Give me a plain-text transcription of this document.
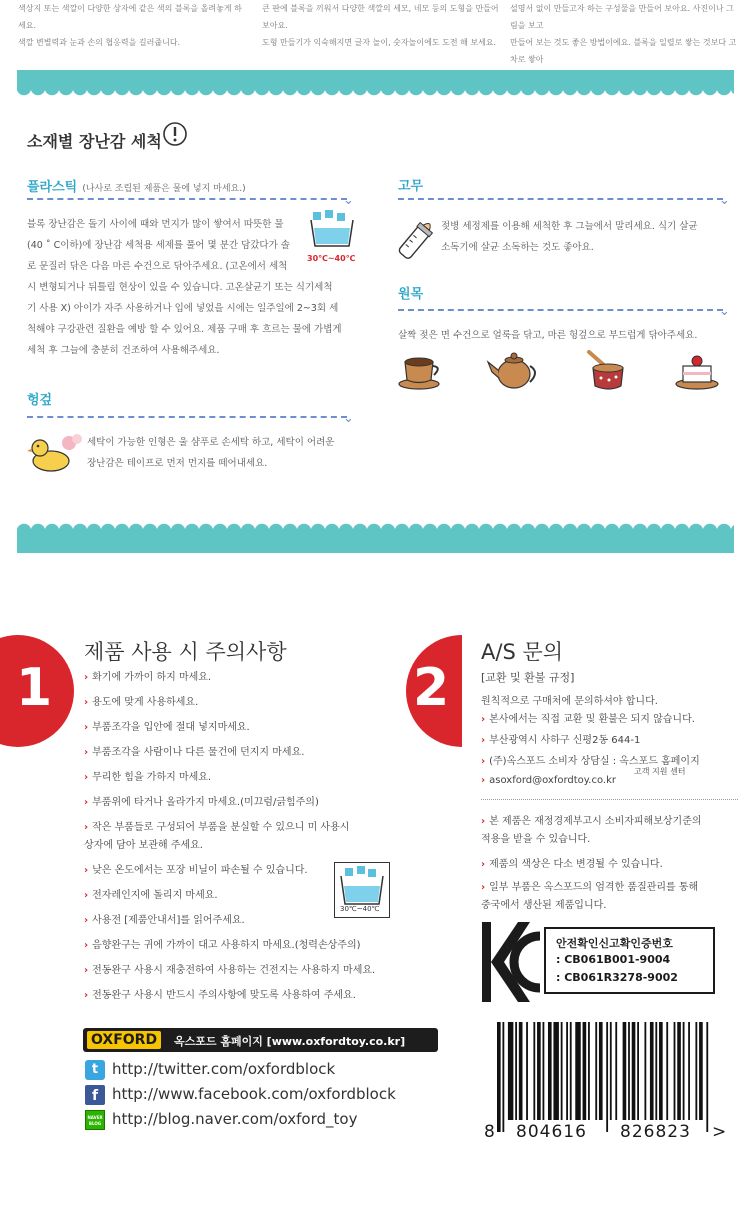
색상지 또는 색깔이 다양한 상자에 같은 색의 블록을 올려놓게 하세요.
색깔 변별력과 눈과 손의 협응력을 길러줍니다.
큰 판에 블록을 끼워서 다양한 색깔의 세모, 네모 등의 도형을 만들어 보아요.
도형 만들기가 익숙해지면 글자 놀이, 숫자놀이에도 도전 해 보세요.
설명서 없이 만들고자 하는 구성물을 만들어 보아요. 사진이나 그림을 보고
만들어 보는 것도 좋은 방법이에요. 블록을 일렬로 쌓는 것보다 고차로 쌓아

소재별 장난감 세척
플라스틱 (나사로 조립된 제품은 물에 넣지 마세요.)
⌄
블록 장난감은 돌기 사이에 때와 먼지가 많이 쌓여서 따뜻한 물
(40 ˚ C이하)에 장난감 세척용 세제를 풀어 몇 분간 담갔다가 솔
로 문질러 닦은 다음 마른 수건으로 닦아주세요. (고온에서 세척
시 변형되거나 뒤틀림 현상이 있을 수 있습니다. 고온살균기 또는 식기세척
기 사용 X) 아이가 자주 사용하거나 입에 넣었을 시에는 일주일에 2~3회 세
척해야 구강관련 질환을 예방 할 수 있어요. 제품 구매 후 흐르는 물에 가볍게
세척 후 그늘에 충분히 건조하여 사용해주세요.
30℃~40℃
헝겊
⌄
세탁이 가능한 인형은 울 샴푸로 손세탁 하고, 세탁이 어려운
장난감은 테이프로 먼저 먼지를 떼어내세요.
고무
⌄
젖병 세정제를 이용해 세척한 후 그늘에서 말리세요. 식기 살균
소독기에 살균 소독하는 것도 좋아요.
원목
⌄
살짝 젖은 면 수건으로 얼룩을 닦고, 마른 헝겊으로 부드럽게 닦아주세요.
1
제품 사용 시 주의사항
› 화기에 가까이 하지 마세요.
› 용도에 맞게 사용하세요.
› 부품조각을 입안에 절대 넣지마세요.
› 부품조각을 사람이나 다른 물건에 던지지 마세요.
› 무리한 힘을 가하지 마세요.
› 부품위에 타거나 올라가지 마세요.(미끄럼/긁힘주의)
› 작은 부품들로 구성되어 부품을 분실할 수 있으니 미 사용시
상자에 담아 보관해 주세요.
› 낮은 온도에서는 포장 비닐이 파손될 수 있습니다.
› 전자레인지에 돌리지 마세요.
› 사용전 [제품안내서]를 읽어주세요.
› 음향완구는 귀에 가까이 대고 사용하지 마세요.(청력손상주의)
› 전동완구 사용시 재충전하여 사용하는 건전지는 사용하지 마세요.
› 전동완구 사용시 반드시 주의사항에 맞도록 사용하여 주세요.
30℃~40℃
OXFORD	옥스포드 홈페이지 [www.oxfordtoy.co.kr]
t http://twitter.com/oxfordblock
f http://www.facebook.com/oxfordblock
NAVER BLOG http://blog.naver.com/oxford_toy
2
A/S 문의
[교환 및 환불 규정]
원칙적으로 구매처에 문의하셔야 합니다.
› 본사에서는 직접 교환 및 환불은 되지 않습니다.
› 부산광역시 사하구 신평2동 644-1
› (주)옥스포드 소비자 상담실 : 옥스포드 홈페이지
고객 지원 센터
› asoxford@oxfordtoy.co.kr
› 본 제품은 재정경제부고시 소비자피해보상기준의
적용을 받을 수 있습니다.
› 제품의 색상은 다소 변경될 수 있습니다.
› 일부 부품은 옥스포드의 엄격한 품질관리를 통해
중국에서 생산된 제품입니다.
안전확인신고확인증번호
: CB061B001-9004
: CB061R3278-9002
8 804616 826823 >
